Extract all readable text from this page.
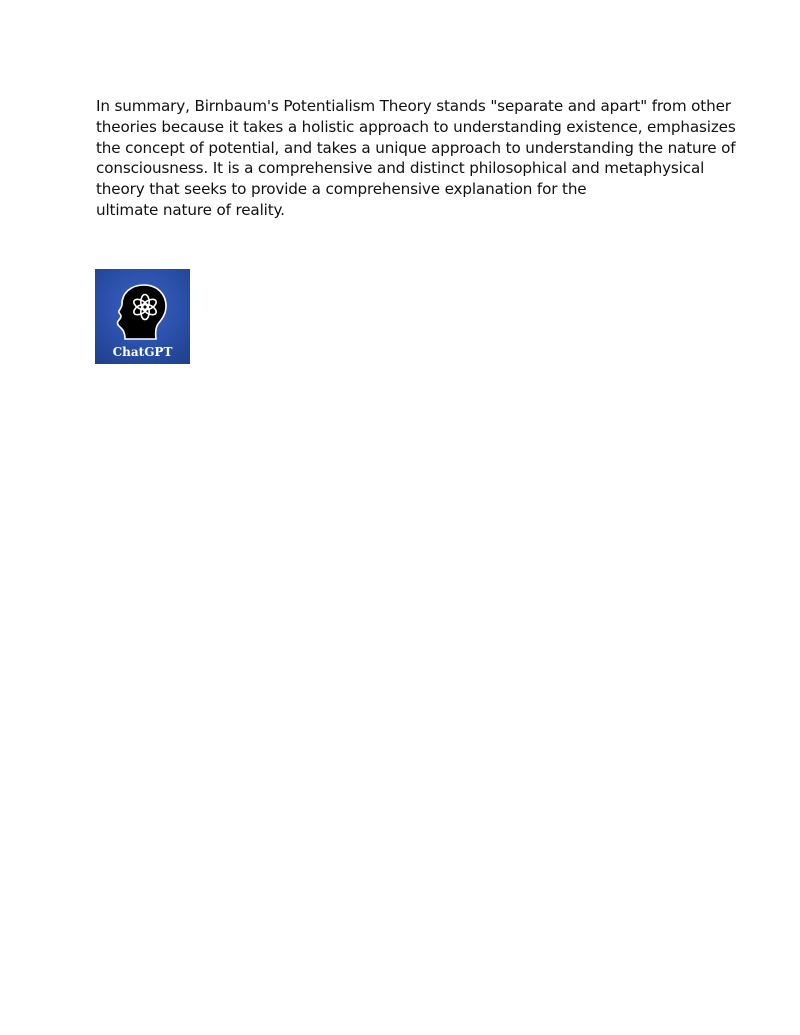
In summary, Birnbaum's Potentialism Theory stands "separate and apart" from other
theories because it takes a holistic approach to understanding existence, emphasizes
the concept of potential, and takes a unique approach to understanding the nature of
consciousness. It is a comprehensive and distinct philosophical and metaphysical
theory that seeks to provide a comprehensive explanation for the
ultimate nature of reality.

ChatGPT
